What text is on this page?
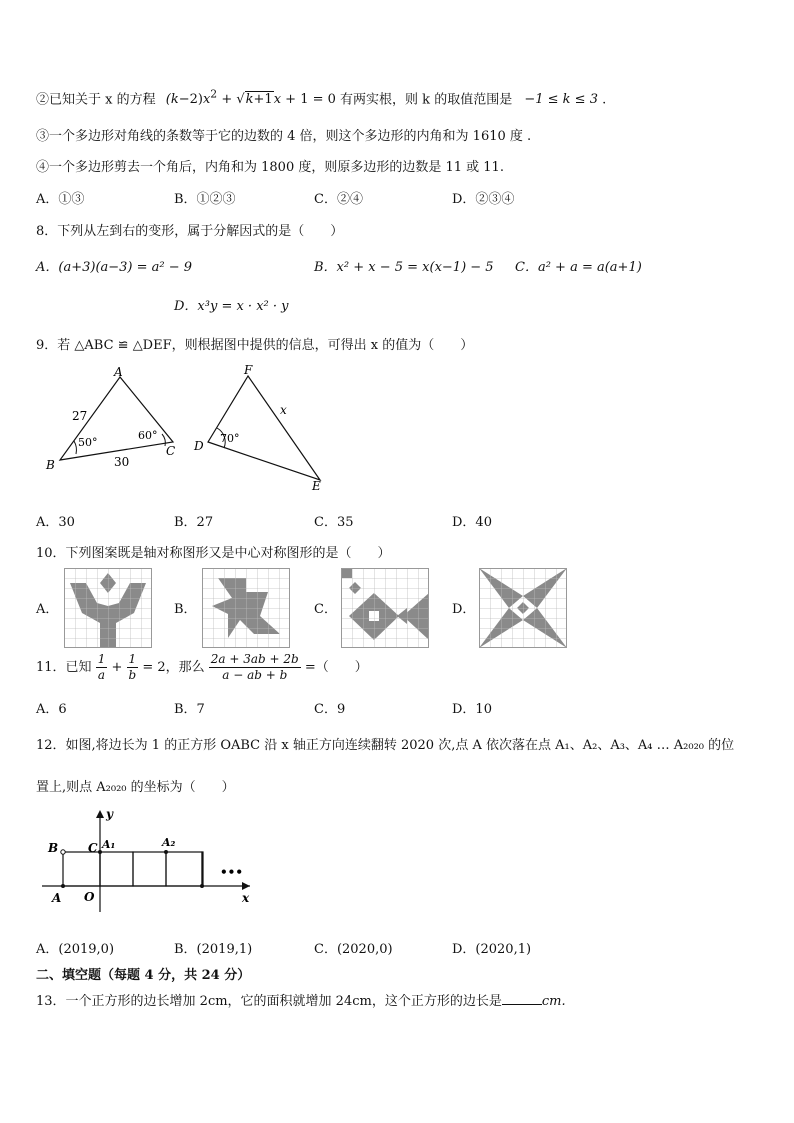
②已知关于 x 的方程 $(k-2)x^2 + √k+1x + 1 = 0$ 有两实根，则 k 的取值范围是 −1 ≤ k ≤ 3 .
③一个多边形对角线的条数等于它的边数的 4 倍，则这个多边形的内角和为 1610 度 .
④一个多边形剪去一个角后，内角和为 1800 度，则原多边形的边数是 11 或 11.
A．①③	B．①②③	C．②④	D．②③④
8．下列从左到右的变形，属于分解因式的是（　　）
A．(a+3)(a−3) = a² − 9	B．x² + x − 5 = x(x−1) − 5 C．a² + a = a(a+1)
D．x³y = x · x² · y
9．若 △ABC ≌ △DEF，则根据图中提供的信息，可得出 x 的值为（　　）
A
B
C
27
30
50°
60°
F
D
E
70°
x
A．30	B．27	C．35	D．40
10．下列图案既是轴对称图形又是中心对称图形的是（　　）
A．	B．	C．	D．
11．已知 $\frac{1}{a} + \frac{1}{b} = 2$，那么 $\frac{2a + 3ab + 2b}{a - ab + b}$ =（　　）
A．6	B．7	C．9	D．10
12．如图,将边长为 1 的正方形 OABC 沿 x 轴正方向连续翻转 2020 次,点 A 依次落在点 A₁、A₂、A₃、A₄ … A₂₀₂₀ 的位
置上,则点 A₂₀₂₀ 的坐标为（　　）
y
x
B C A₁	A₂
A O
•••
A．(2019,0)	B．(2019,1)	C．(2020,0)	D．(2020,1)
二、填空题（每题 4 分，共 24 分）
13．一个正方形的边长增加 2cm，它的面积就增加 24cm，这个正方形的边长是	cm.
